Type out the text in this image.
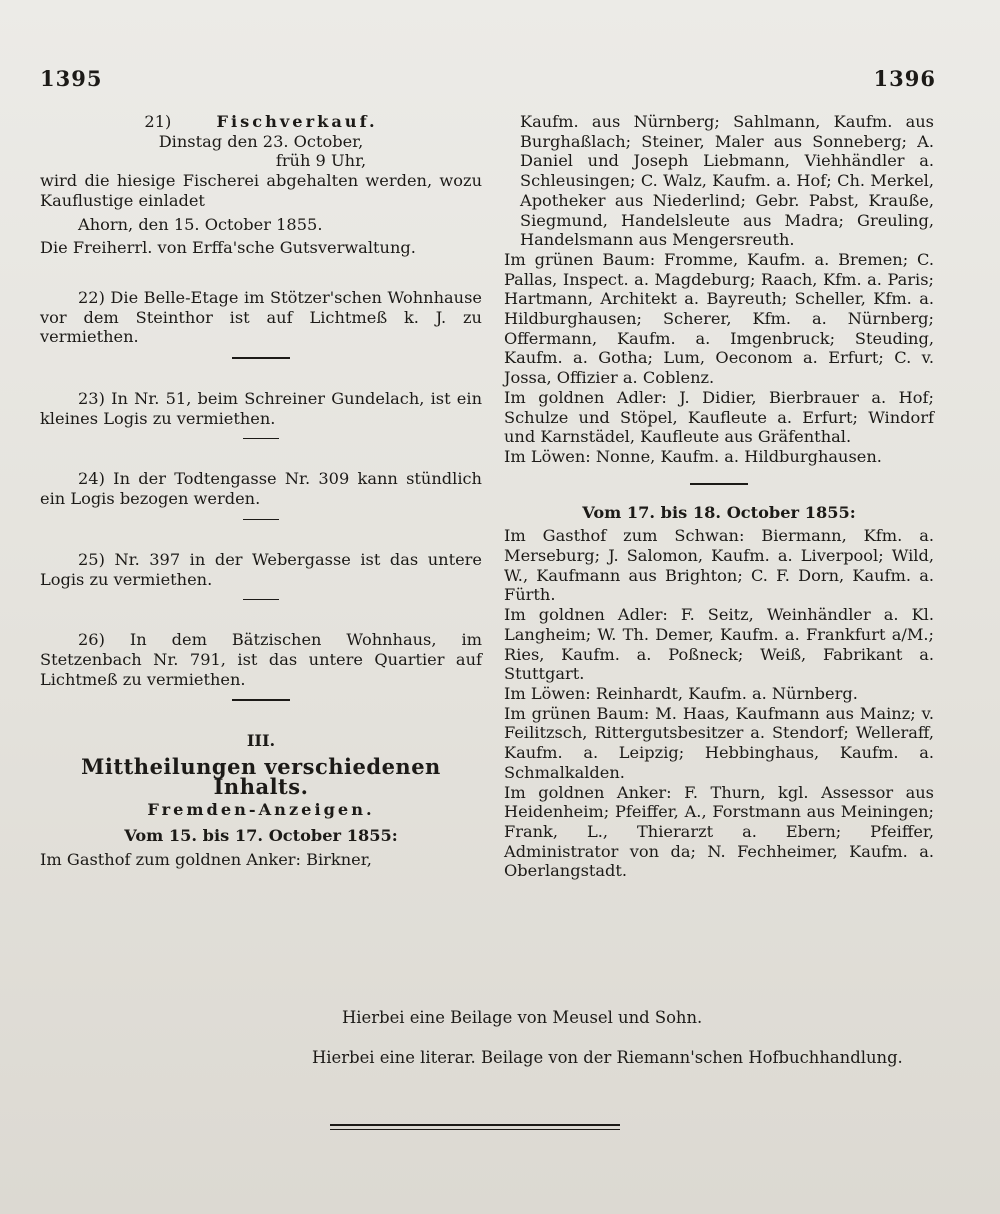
1395	1396

21)	Fischverkauf.

Dinstag den 23. October,

früh 9 Uhr,

wird die hiesige Fischerei abgehalten werden, wozu Kauflustige einladet

Ahorn, den 15. October 1855.

Die Freiherrl. von Erffa'sche Gutsverwaltung.

22) Die Belle-Etage im Stötzer'schen Wohnhause vor dem Steinthor ist auf Lichtmeß k. J. zu vermiethen.

23) In Nr. 51, beim Schreiner Gundelach, ist ein kleines Logis zu vermiethen.

24) In der Todtengasse Nr. 309 kann stündlich ein Logis bezogen werden.

25) Nr. 397 in der Webergasse ist das untere Logis zu vermiethen.

26) In dem Bätzischen Wohnhaus, im Stetzenbach Nr. 791, ist das untere Quartier auf Lichtmeß zu vermiethen.

III.

Mittheilungen verschiedenen Inhalts.

Fremden-Anzeigen.

Vom 15. bis 17. October 1855:

Im Gasthof zum goldnen Anker: Birkner,

Kaufm. aus Nürnberg; Sahlmann, Kaufm. aus Burghaßlach; Steiner, Maler aus Sonneberg; A. Daniel und Joseph Liebmann, Viehhändler a. Schleusingen; C. Walz, Kaufm. a. Hof; Ch. Merkel, Apotheker aus Niederlind; Gebr. Pabst, Krauße, Siegmund, Handelsleute aus Madra; Greuling, Handelsmann aus Mengersreuth.

Im grünen Baum: Fromme, Kaufm. a. Bremen; C. Pallas, Inspect. a. Magdeburg; Raach, Kfm. a. Paris; Hartmann, Architekt a. Bayreuth; Scheller, Kfm. a. Hildburghausen; Scherer, Kfm. a. Nürnberg; Offermann, Kaufm. a. Imgenbruck; Steuding, Kaufm. a. Gotha; Lum, Oeconom a. Erfurt; C. v. Jossa, Offizier a. Coblenz.

Im goldnen Adler: J. Didier, Bierbrauer a. Hof; Schulze und Stöpel, Kaufleute a. Erfurt; Windorf und Karnstädel, Kaufleute aus Gräfenthal.

Im Löwen: Nonne, Kaufm. a. Hildburghausen.

Vom 17. bis 18. October 1855:

Im Gasthof zum Schwan: Biermann, Kfm. a. Merseburg; J. Salomon, Kaufm. a. Liverpool; Wild, W., Kaufmann aus Brighton; C. F. Dorn, Kaufm. a. Fürth.

Im goldnen Adler: F. Seitz, Weinhändler a. Kl. Langheim; W. Th. Demer, Kaufm. a. Frankfurt a/M.; Ries, Kaufm. a. Poßneck; Weiß, Fabrikant a. Stuttgart.

Im Löwen: Reinhardt, Kaufm. a. Nürnberg.

Im grünen Baum: M. Haas, Kaufmann aus Mainz; v. Feilitzsch, Rittergutsbesitzer a. Stendorf; Welleraff, Kaufm. a. Leipzig; Hebbinghaus, Kaufm. a. Schmalkalden.

Im goldnen Anker: F. Thurn, kgl. Assessor aus Heidenheim; Pfeiffer, A., Forstmann aus Meiningen; Frank, L., Thierarzt a. Ebern; Pfeiffer, Administrator von da; N. Fechheimer, Kaufm. a. Oberlangstadt.

Hierbei eine Beilage von Meusel und Sohn.
Hierbei eine literar. Beilage von der Riemann'schen Hofbuchhandlung.
